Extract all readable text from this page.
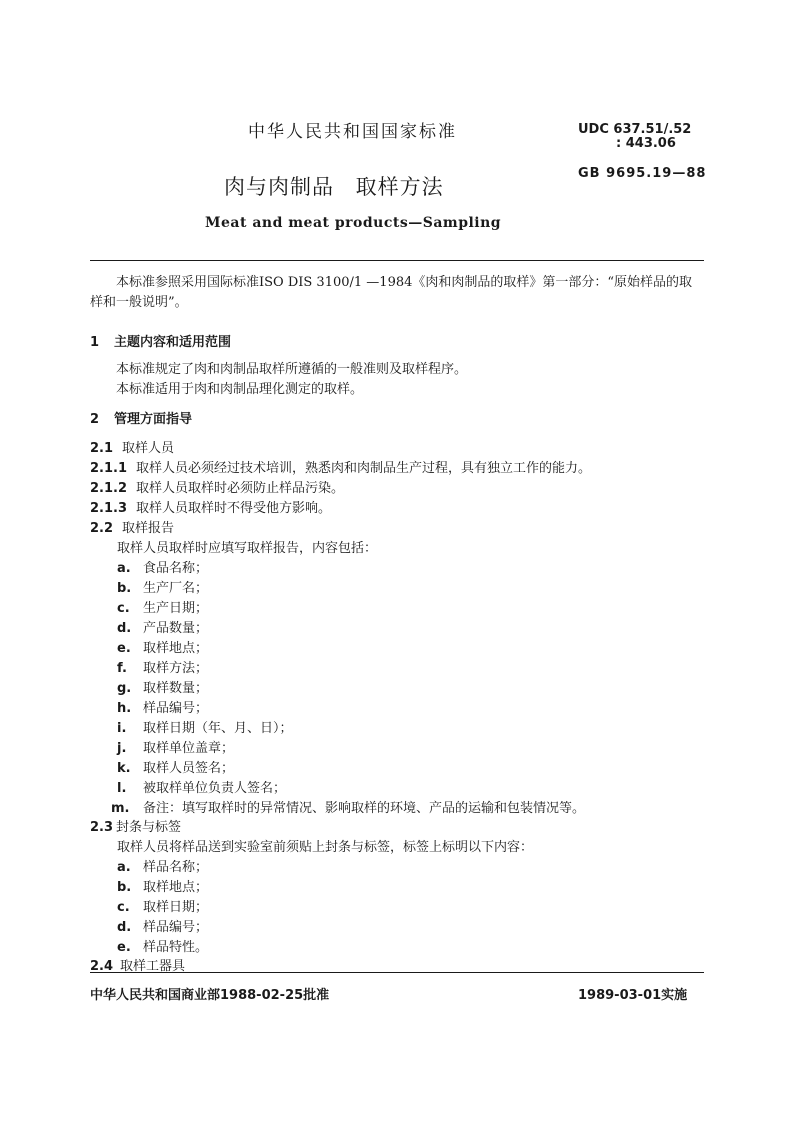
中华人民共和国国家标准	UDC 637.51/.52
: 443.06
肉与肉制品 取样方法
GB 9695.19—88
Meat and meat products—Sampling
本标准参照采用国际标准ISO DIS 3100/1 —1984《肉和肉制品的取样》第一部分：“原始样品的取样和一般说明”。
1 主题内容和适用范围
本标准规定了肉和肉制品取样所遵循的一般准则及取样程序。
本标准适用于肉和肉制品理化测定的取样。
2 管理方面指导
2.1 取样人员
2.1.1 取样人员必须经过技术培训，熟悉肉和肉制品生产过程，具有独立工作的能力。
2.1.2 取样人员取样时必须防止样品污染。
2.1.3 取样人员取样时不得受他方影响。
2.2 取样报告
取样人员取样时应填写取样报告，内容包括：
a. 食品名称；
b. 生产厂名；
c. 生产日期；
d. 产品数量；
e. 取样地点；
f. 取样方法；
g. 取样数量；
h. 样品编号；
i. 取样日期（年、月、日）；
j. 取样单位盖章；
k. 取样人员签名；
l. 被取样单位负责人签名；
m. 备注：填写取样时的异常情况、影响取样的环境、产品的运输和包装情况等。
2.3 封条与标签
取样人员将样品送到实验室前须贴上封条与标签，标签上标明以下内容：
a. 样品名称；
b. 取样地点；
c. 取样日期；
d. 样品编号；
e. 样品特性。
2.4 取样工器具
中华人民共和国商业部1988-02-25批准	1989-03-01实施
